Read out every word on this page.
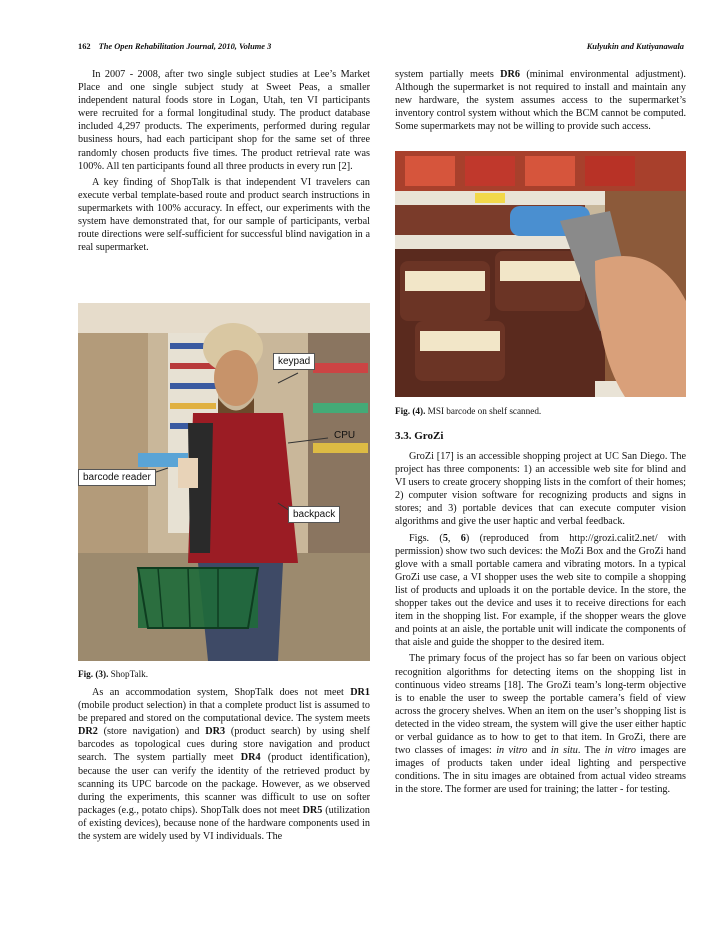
162 The Open Rehabilitation Journal, 2010, Volume 3	Kulyukin and Kutiyanawala

In 2007 - 2008, after two single subject studies at Lee’s Market Place and one single subject study at Sweet Peas, a smaller independent natural foods store in Logan, Utah, ten VI participants were recruited for a formal longitudinal study. The product database included 4,297 products. The experiments, performed during regular business hours, had each participant shop for the same set of three randomly chosen products five times. The product retrieval rate was 100%. All ten participants found all three products in every run [2].

A key finding of ShopTalk is that independent VI travelers can execute verbal template-based route and product search instructions in supermarkets with 100% accuracy. In effect, our experiments with the system have demonstrated that, for our sample of participants, verbal route directions were self-sufficient for successful blind navigation in a real supermarket.

keypad
CPU
barcode reader
backpack
Fig. (3). ShopTalk.

As an accommodation system, ShopTalk does not meet DR1 (mobile product selection) in that a complete product list is assumed to be prepared and stored on the computational device. The system meets DR2 (store navigation) and DR3 (product search) by using shelf barcodes as topological cues during store navigation and product search. The system partially meet DR4 (product identification), because the user can verify the identity of the retrieved product by scanning its UPC barcode on the package. However, as we observed during the experiments, this scanner was difficult to use on softer packages (e.g., potato chips). ShopTalk does not meet DR5 (utilization of existing devices), because none of the hardware components used in the system are widely used by VI individuals. The

system partially meets DR6 (minimal environmental adjustment). Although the supermarket is not required to install and maintain any new hardware, the system assumes access to the supermarket’s inventory control system without which the BCM cannot be computed. Some supermarkets may not be willing to provide such access.

Fig. (4). MSI barcode on shelf scanned.
3.3. GroZi

GroZi [17] is an accessible shopping project at UC San Diego. The project has three components: 1) an accessible web site for blind and VI users to create grocery shopping lists in the comfort of their homes; 2) computer vision software for recognizing products and signs in stores; and 3) portable devices that can execute computer vision algorithms and give the user haptic and verbal feedback.

Figs. (5, 6) (reproduced from http://grozi.calit2.net/ with permission) show two such devices: the MoZi Box and the GroZi hand glove with a small portable camera and vibrating motors. In a typical GroZi use case, a VI shopper uses the web site to compile a shopping list of products and uploads it on the portable device. In the store, the shopper takes out the device and uses it to receive directions for each item in the shopping list. For example, if the shopper wears the glove and points at an aisle, the portable unit will indicate the components of that aisle and guide the shopper to the desired item.

The primary focus of the project has so far been on various object recognition algorithms for detecting items on the shopping list in continuous video streams [18]. The GroZi team’s long-term objective is to enable the user to sweep the portable camera’s field of view across the grocery shelves. When an item on the user’s shopping list is detected in the video stream, the system will give the user either haptic or verbal guidance as to how to get to that item. In GroZi, there are two classes of images: in vitro and in situ. The in vitro images are images of products taken under ideal lighting and perspective conditions. The in situ images are obtained from actual video streams in the store. The former are used for training; the latter - for testing.
